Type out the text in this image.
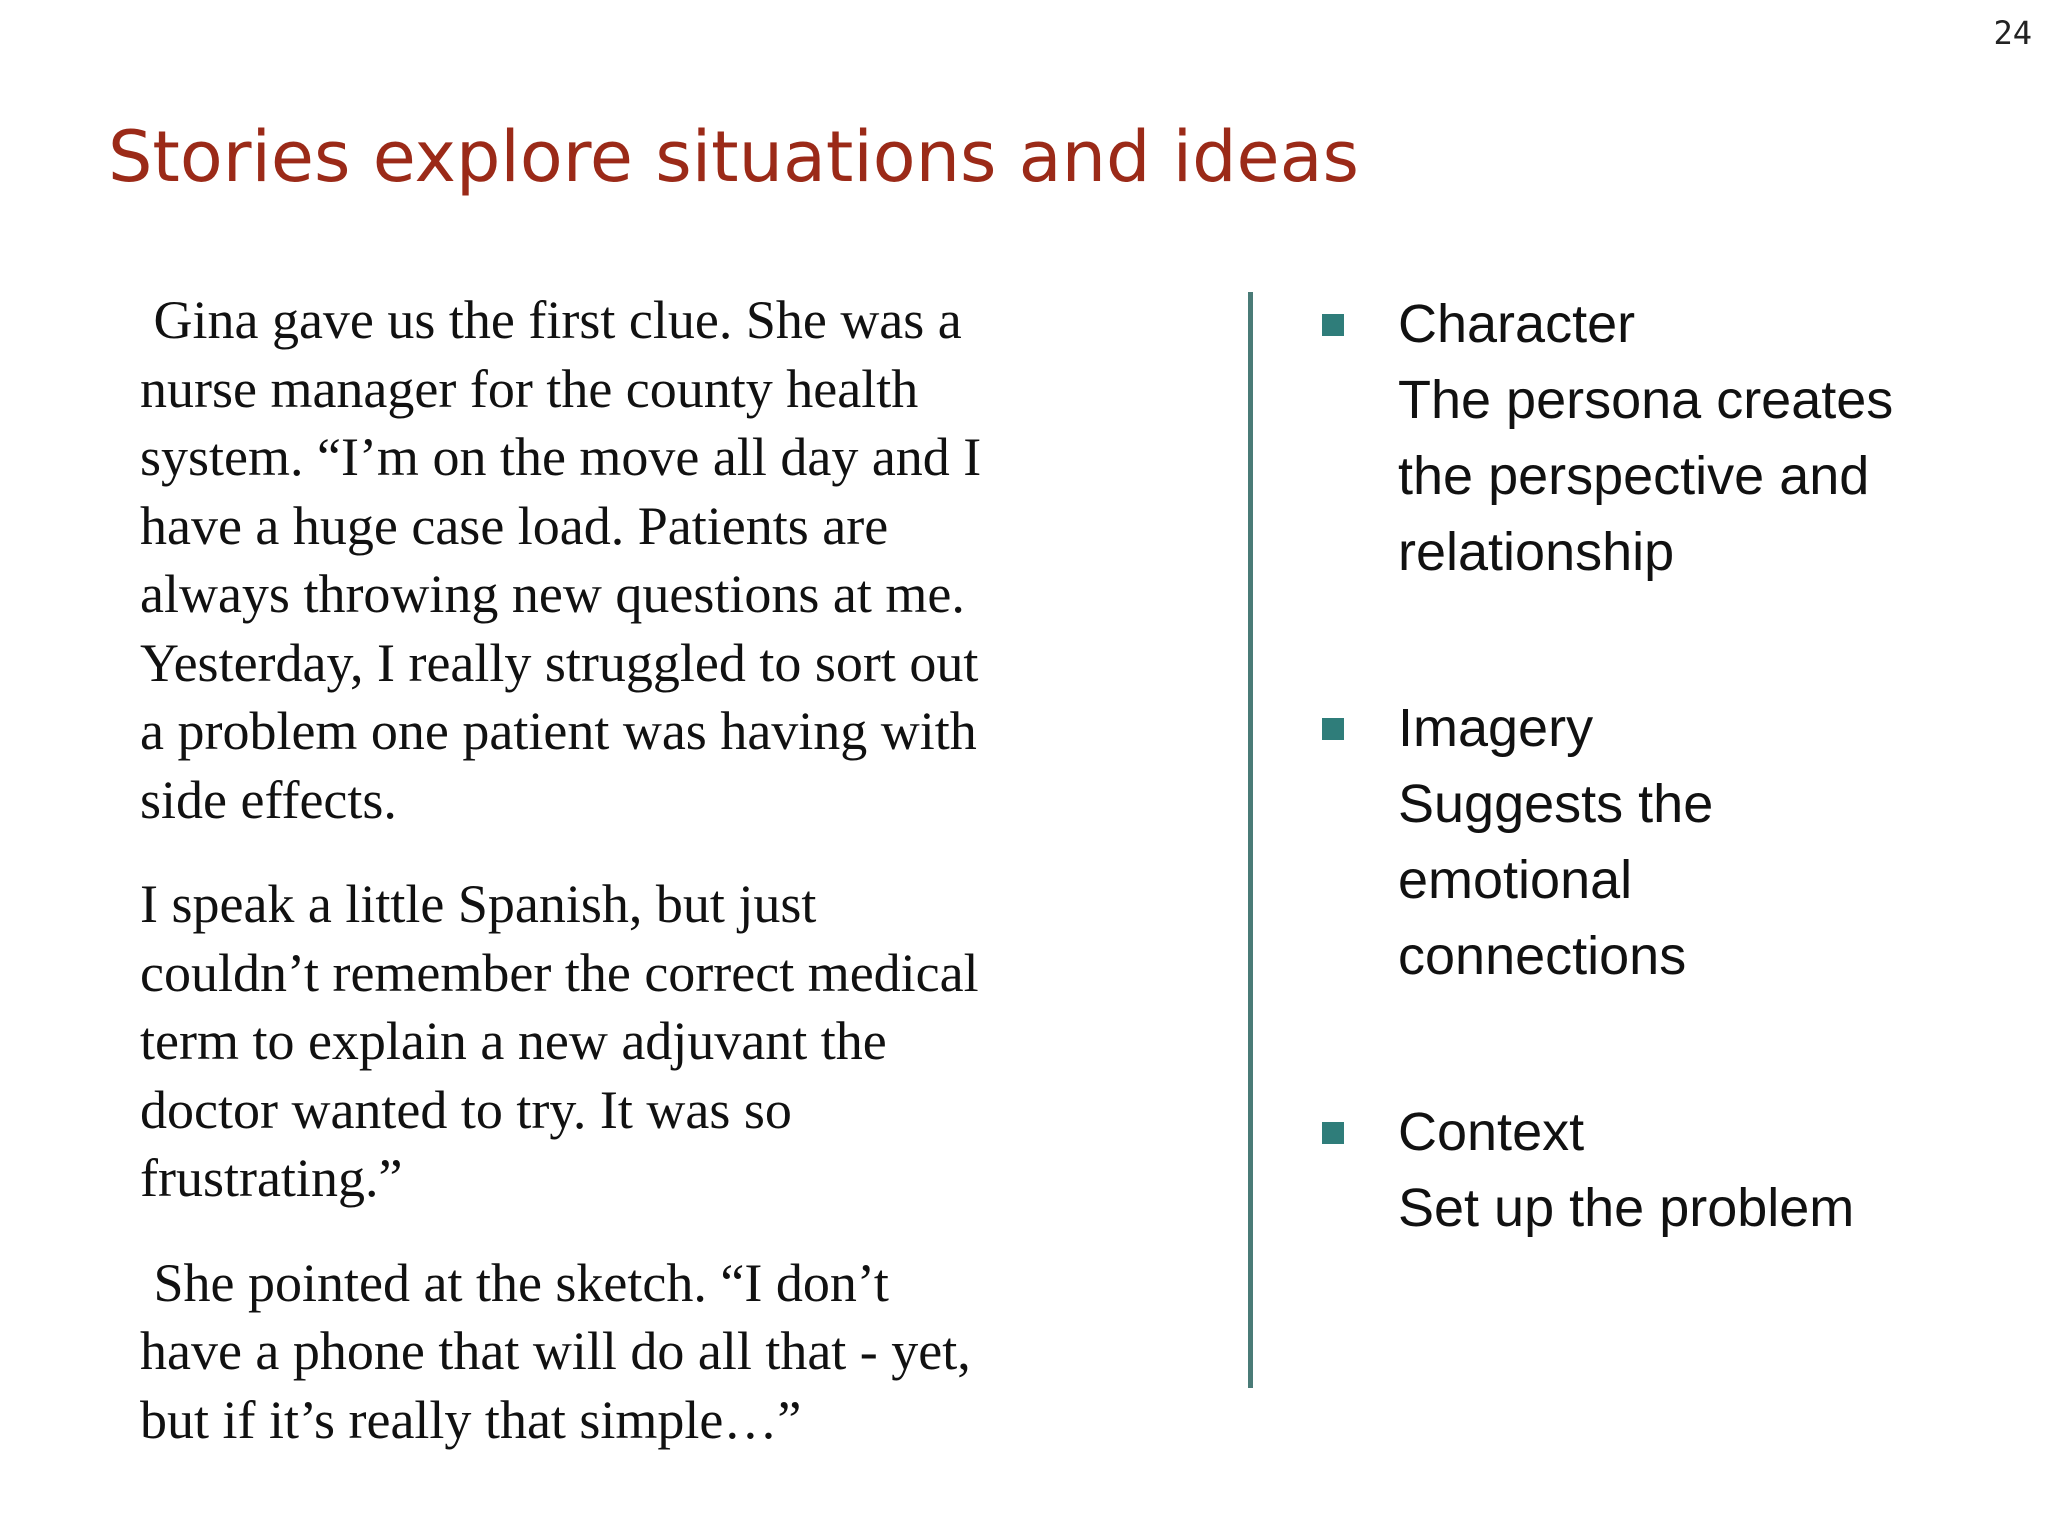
24
Stories explore situations and ideas

Gina gave us the first clue. She was a

nurse manager for the county health

system. “I’m on the move all day and I

have a huge case load. Patients are

always throwing new questions at me.

Yesterday, I really struggled to sort out

a problem one patient was having with

side effects.

I speak a little Spanish, but just

couldn’t remember the correct medical

term to explain a new adjuvant the

doctor wanted to try. It was so

frustrating.”

She pointed at the sketch. “I don’t

have a phone that will do all that - yet,

but if it’s really that simple…”

Character
The persona creates
the perspective and
relationship
Imagery
Suggests the
emotional
connections
Context
Set up the problem
